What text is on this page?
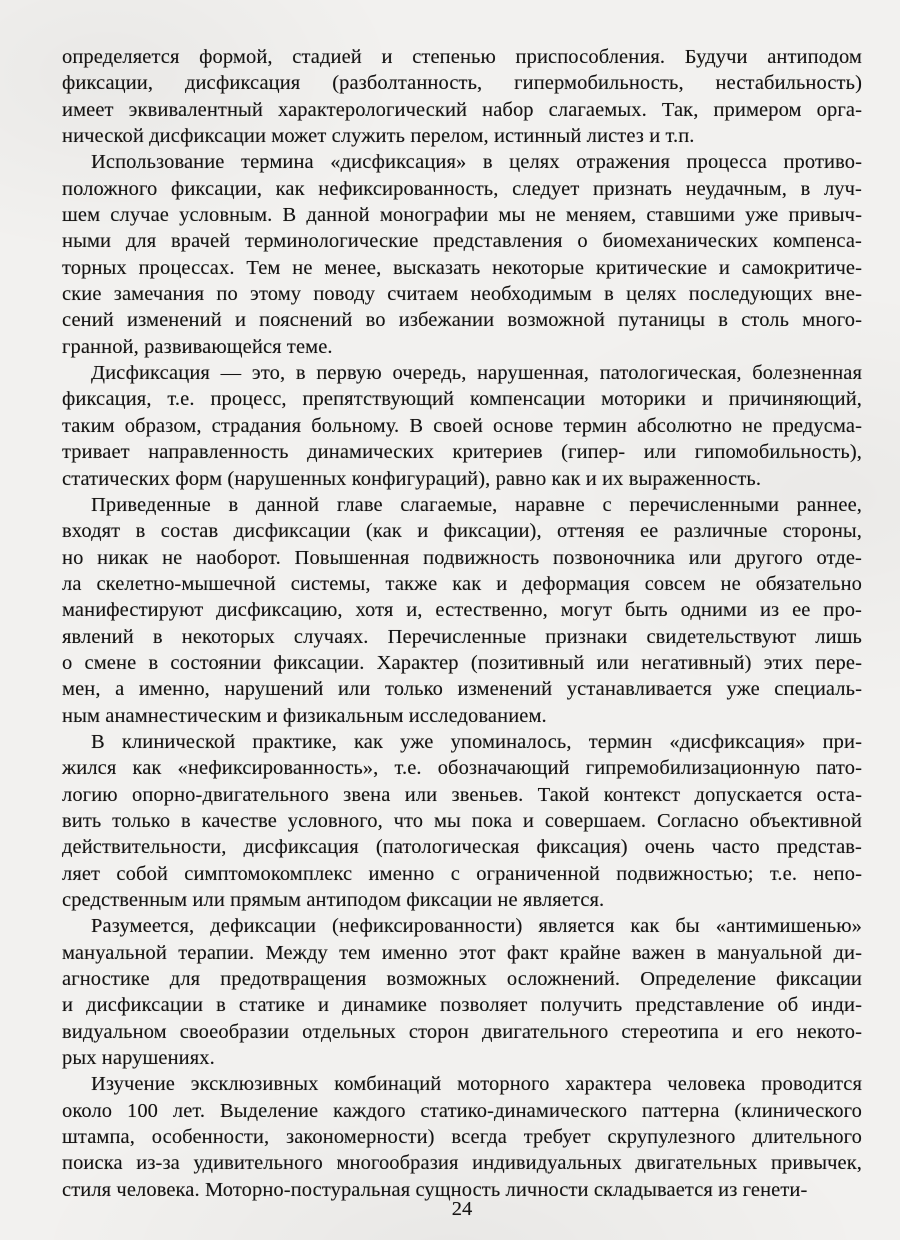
определяется формой, стадией и степенью приспособления. Будучи антиподом
фиксации, дисфиксация (разболтанность, гипермобильность, нестабильность)
имеет эквивалентный характерологический набор слагаемых. Так, примером орга-
нической дисфиксации может служить перелом, истинный листез и т.п.
Использование термина «дисфиксация» в целях отражения процесса противо-
положного фиксации, как нефиксированность, следует признать неудачным, в луч-
шем случае условным. В данной монографии мы не меняем, ставшими уже привыч-
ными для врачей терминологические представления о биомеханических компенса-
торных процессах. Тем не менее, высказать некоторые критические и самокритиче-
ские замечания по этому поводу считаем необходимым в целях последующих вне-
сений изменений и пояснений во избежании возможной путаницы в столь много-
гранной, развивающейся теме.
Дисфиксация — это, в первую очередь, нарушенная, патологическая, болезненная
фиксация, т.е. процесс, препятствующий компенсации моторики и причиняющий,
таким образом, страдания больному. В своей основе термин абсолютно не предусма-
тривает направленность динамических критериев (гипер- или гипомобильность),
статических форм (нарушенных конфигураций), равно как и их выраженность.
Приведенные в данной главе слагаемые, наравне с перечисленными раннее,
входят в состав дисфиксации (как и фиксации), оттеняя ее различные стороны,
но никак не наоборот. Повышенная подвижность позвоночника или другого отде-
ла скелетно-мышечной системы, также как и деформация совсем не обязательно
манифестируют дисфиксацию, хотя и, естественно, могут быть одними из ее про-
явлений в некоторых случаях. Перечисленные признаки свидетельствуют лишь
о смене в состоянии фиксации. Характер (позитивный или негативный) этих пере-
мен, а именно, нарушений или только изменений устанавливается уже специаль-
ным анамнестическим и физикальным исследованием.
В клинической практике, как уже упоминалось, термин «дисфиксация» при-
жился как «нефиксированность», т.е. обозначающий гипремобилизационную пато-
логию опорно-двигательного звена или звеньев. Такой контекст допускается оста-
вить только в качестве условного, что мы пока и совершаем. Согласно объективной
действительности, дисфиксация (патологическая фиксация) очень часто представ-
ляет собой симптомокомплекс именно с ограниченной подвижностью; т.е. непо-
средственным или прямым антиподом фиксации не является.
Разумеется, дефиксации (нефиксированности) является как бы «антимишенью»
мануальной терапии. Между тем именно этот факт крайне важен в мануальной ди-
агностике для предотвращения возможных осложнений. Определение фиксации
и дисфиксации в статике и динамике позволяет получить представление об инди-
видуальном своеобразии отдельных сторон двигательного стереотипа и его некото-
рых нарушениях.
Изучение эксклюзивных комбинаций моторного характера человека проводится
около 100 лет. Выделение каждого статико-динамического паттерна (клинического
штампа, особенности, закономерности) всегда требует скрупулезного длительного
поиска из-за удивительного многообразия индивидуальных двигательных привычек,
стиля человека. Моторно-постуральная сущность личности складывается из генети-
24
